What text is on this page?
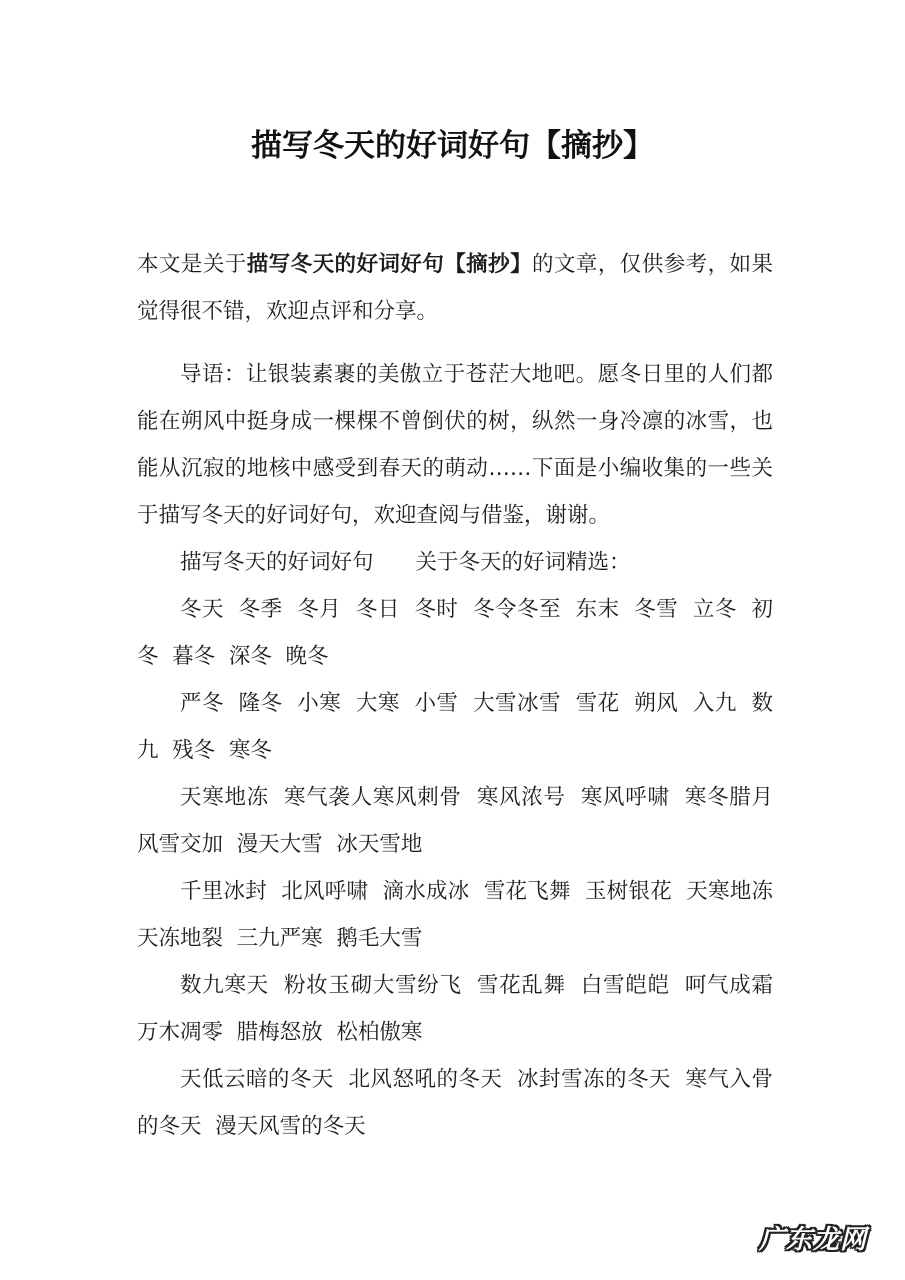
描写冬天的好词好句【摘抄】

本文是关于描写冬天的好词好句【摘抄】的文章，仅供参考，如果觉得很不错，欢迎点评和分享。

导语：让银装素裹的美傲立于苍茫大地吧。愿冬日里的人们都能在朔风中挺身成一棵棵不曾倒伏的树，纵然一身冷凛的冰雪，也能从沉寂的地核中感受到春天的萌动……下面是小编收集的一些关于描写冬天的好词好句，欢迎查阅与借鉴，谢谢。

描写冬天的好词好句 关于冬天的好词精选：

冬天  冬季  冬月  冬日  冬时  冬令冬至  东末  冬雪  立冬  初冬  暮冬  深冬  晚冬

严冬  隆冬  小寒  大寒  小雪  大雪冰雪  雪花  朔风  入九  数九  残冬  寒冬

天寒地冻  寒气袭人寒风刺骨  寒风浓号  寒风呼啸  寒冬腊月  风雪交加  漫天大雪  冰天雪地

千里冰封  北风呼啸  滴水成冰  雪花飞舞  玉树银花  天寒地冻天冻地裂  三九严寒  鹅毛大雪

数九寒天  粉妆玉砌大雪纷飞  雪花乱舞  白雪皑皑  呵气成霜  万木凋零  腊梅怒放  松柏傲寒

天低云暗的冬天  北风怒吼的冬天  冰封雪冻的冬天  寒气入骨的冬天  漫天风雪的冬天

广东龙网
